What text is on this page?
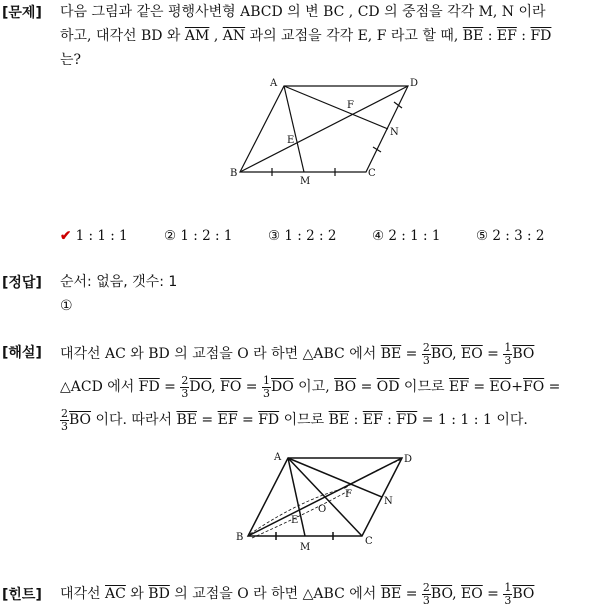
[문제] 다음 그림과 같은 평행사변형 ABCD 의 변 BC , CD 의 중점을 각각 M, N 이라
하고, 대각선 BD 와 $\overline{AM}$ , $\overline{AN}$ 과의 교점을 각각 E, F 라고 할 때, $\overline{BE}$ : $\overline{EF}$ : $\overline{FD}$
는?
A	D
F
N
E
B
M
C
✔ 1 : 1 : 1	② 1 : 2 : 1	③ 1 : 2 : 2	④ 2 : 1 : 1	⑤ 2 : 3 : 2
[정답] 순서: 없음, 갯수: 1
①
[해설] 대각선 AC 와 BD 의 교점을 O 라 하면 △ABC 에서 $\overline{BE} = \frac{2}{3} \overline{BO}$, $\overline{EO} = \frac{1}{3} \overline{BO}$
△ACD 에서 $\overline{FD} = \frac{2}{3} \overline{DO}$, $\overline{FO} = \frac{1}{3} \overline{DO}$ 이고, $\overline{BO} = \overline{OD}$ 이므로 $\overline{EF} = \overline{EO}+\overline{FO}$ =
$\frac{2}{3} \overline{BO}$ 이다. 따라서 $\overline{BE} = \overline{EF} = \overline{FD}$ 이므로 $\overline{BE}$ : $\overline{EF}$ : $\overline{FD} = 1$ : 1 : 1 이다.
A	D
F
N
O
E
B
M
C
[힌트] 대각선 $\overline{AC}$ 와 $\overline{BD}$ 의 교점을 O 라 하면 △ABC 에서 $\overline{BE} = \frac{2}{3} \overline{BO}$, $\overline{EO} = \frac{1}{3} \overline{BO}$
